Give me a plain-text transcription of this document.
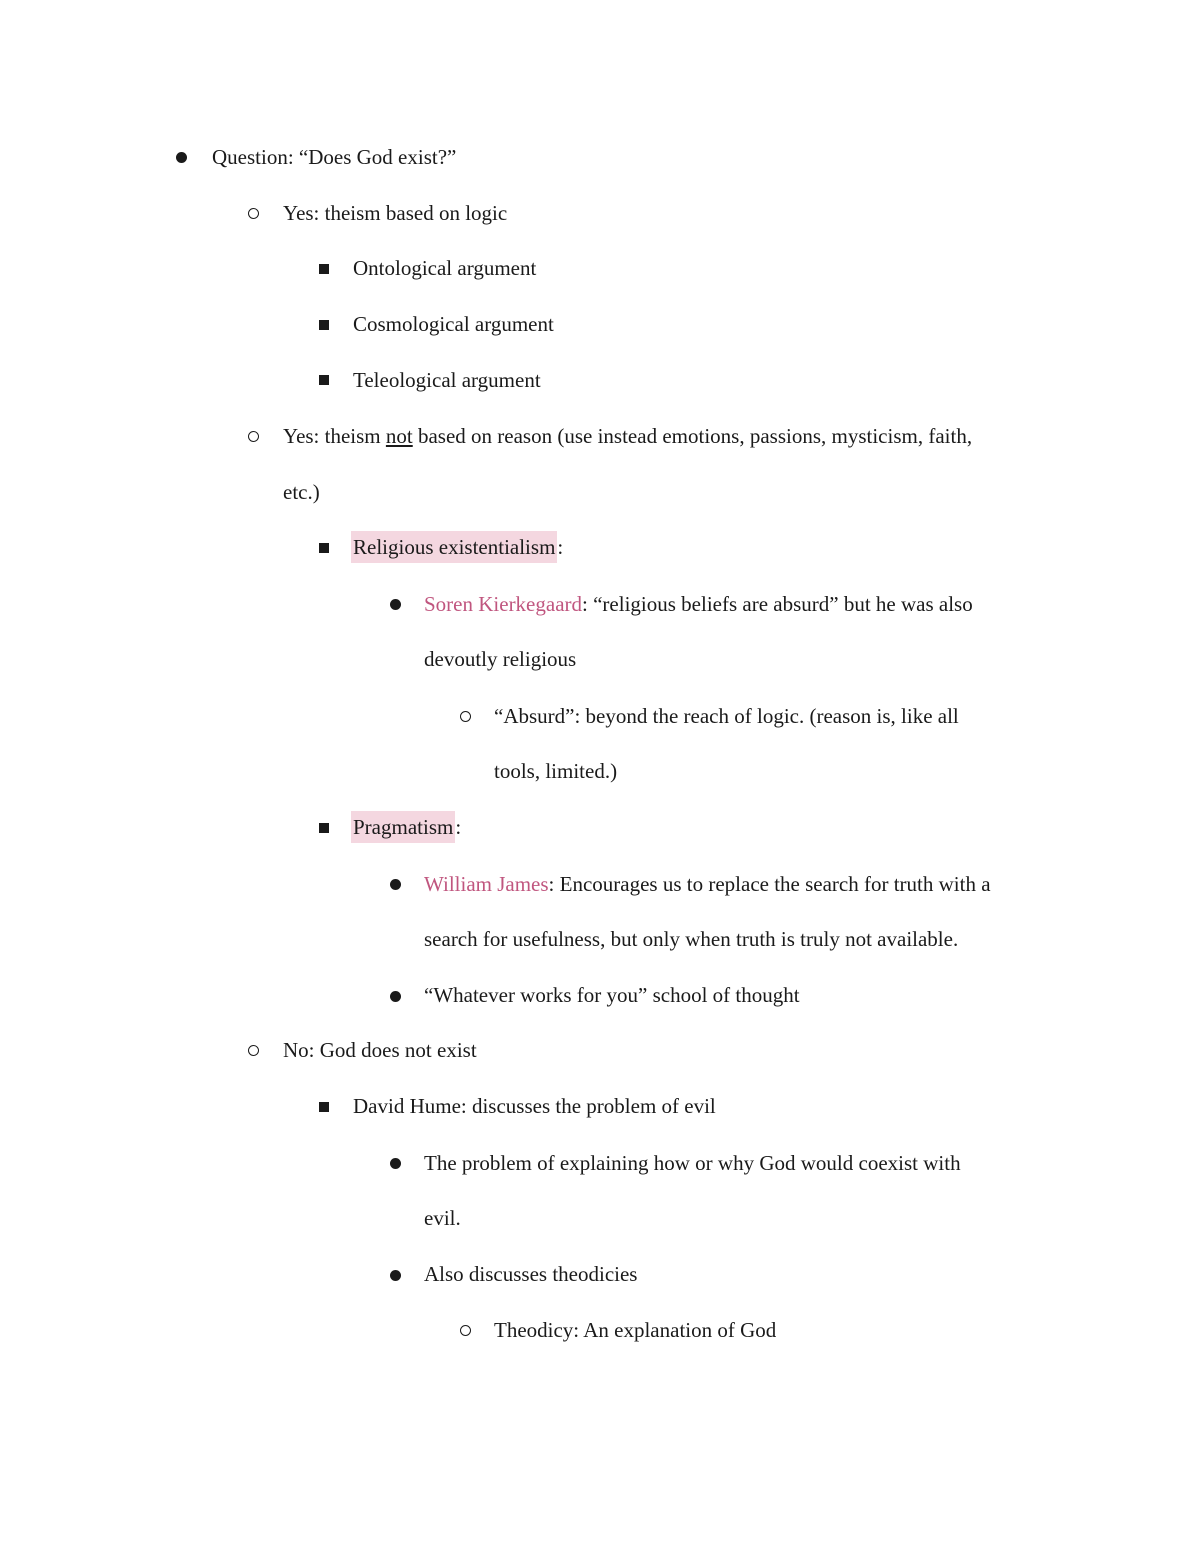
Question: “Does God exist?”
Yes: theism based on logic
Ontological argument
Cosmological argument
Teleological argument
Yes: theism not based on reason (use instead emotions, passions, mysticism, faith,
etc.)
Religious existentialism:
Soren Kierkegaard: “religious beliefs are absurd” but he was also
devoutly religious
“Absurd”: beyond the reach of logic. (reason is, like all
tools, limited.)
Pragmatism:
William James: Encourages us to replace the search for truth with a
search for usefulness, but only when truth is truly not available.
“Whatever works for you” school of thought
No: God does not exist
David Hume: discusses the problem of evil
The problem of explaining how or why God would coexist with
evil.
Also discusses theodicies
Theodicy: An explanation of God
